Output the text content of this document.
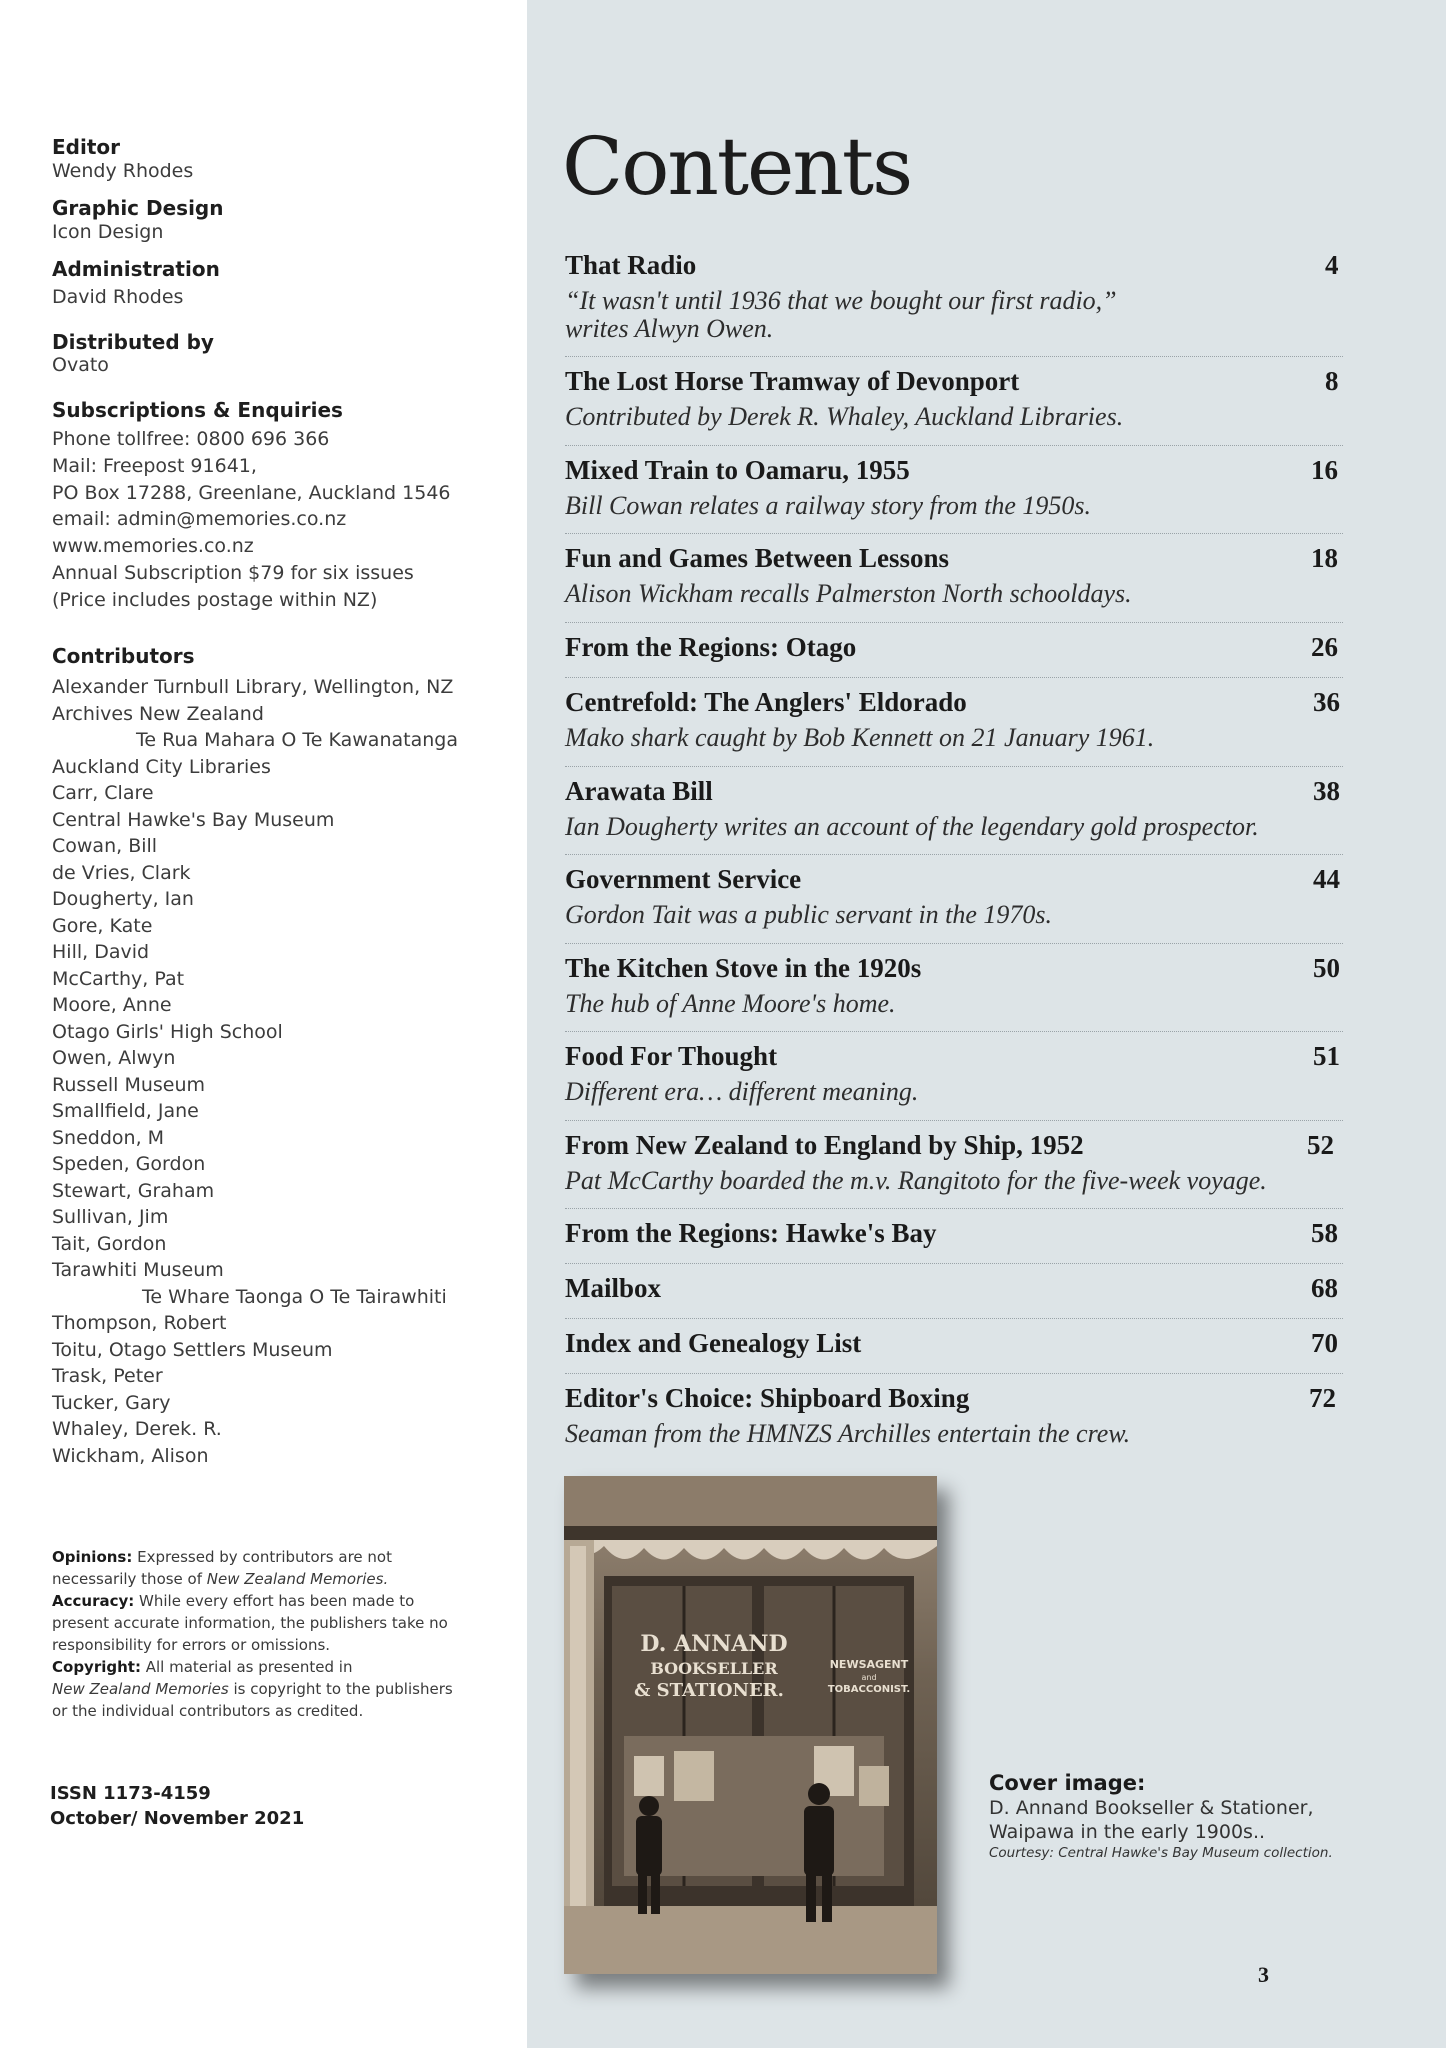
Editor
Wendy Rhodes
Graphic Design
Icon Design
Administration
David Rhodes
Distributed by
Ovato
Subscriptions & Enquiries
Phone tollfree: 0800 696 366
Mail: Freepost 91641,
PO Box 17288, Greenlane, Auckland 1546
email: admin@memories.co.nz
www.memories.co.nz
Annual Subscription $79 for six issues
(Price includes postage within NZ)
Contributors
Alexander Turnbull Library, Wellington, NZ
Archives New Zealand
Te Rua Mahara O Te Kawanatanga
Auckland City Libraries
Carr, Clare
Central Hawke's Bay Museum
Cowan, Bill
de Vries, Clark
Dougherty, Ian
Gore, Kate
Hill, David
McCarthy, Pat
Moore, Anne
Otago Girls' High School
Owen, Alwyn
Russell Museum
Smallfield, Jane
Sneddon, M
Speden, Gordon
Stewart, Graham
Sullivan, Jim
Tait, Gordon
Tarawhiti Museum
Te Whare Taonga O Te Tairawhiti
Thompson, Robert
Toitu, Otago Settlers Museum
Trask, Peter
Tucker, Gary
Whaley, Derek. R.
Wickham, Alison
Opinions: Expressed by contributors are not
necessarily those of New Zealand Memories.
Accuracy: While every effort has been made to
present accurate information, the publishers take no
responsibility for errors or omissions.
Copyright: All material as presented in
New Zealand Memories is copyright to the publishers
or the individual contributors as credited.
ISSN 1173-4159
October/ November 2021
Contents
That Radio	4
“It wasn't until 1936 that we bought our first radio,”
writes Alwyn Owen.
The Lost Horse Tramway of Devonport	8
Contributed by Derek R. Whaley, Auckland Libraries.
Mixed Train to Oamaru, 1955	16
Bill Cowan relates a railway story from the 1950s.
Fun and Games Between Lessons	18
Alison Wickham recalls Palmerston North schooldays.
From the Regions: Otago	26
Centrefold: The Anglers' Eldorado	36
Mako shark caught by Bob Kennett on 21 January 1961.
Arawata Bill	38
Ian Dougherty writes an account of the legendary gold prospector.
Government Service	44
Gordon Tait was a public servant in the 1970s.
The Kitchen Stove in the 1920s	50
The hub of Anne Moore's home.
Food For Thought	51
Different era… different meaning.
From New Zealand to England by Ship, 1952	52
Pat McCarthy boarded the m.v. Rangitoto for the five-week voyage.
From the Regions: Hawke's Bay	58
Mailbox	68
Index and Genealogy List	70
Editor's Choice: Shipboard Boxing	72
Seaman from the HMNZS Archilles entertain the crew.
D. ANNAND
BOOKSELLER
& STATIONER.
NEWSAGENT
and
TOBACCONIST.
Cover image:
D. Annand Bookseller & Stationer,
Waipawa in the early 1900s..
Courtesy: Central Hawke's Bay Museum collection.
3
